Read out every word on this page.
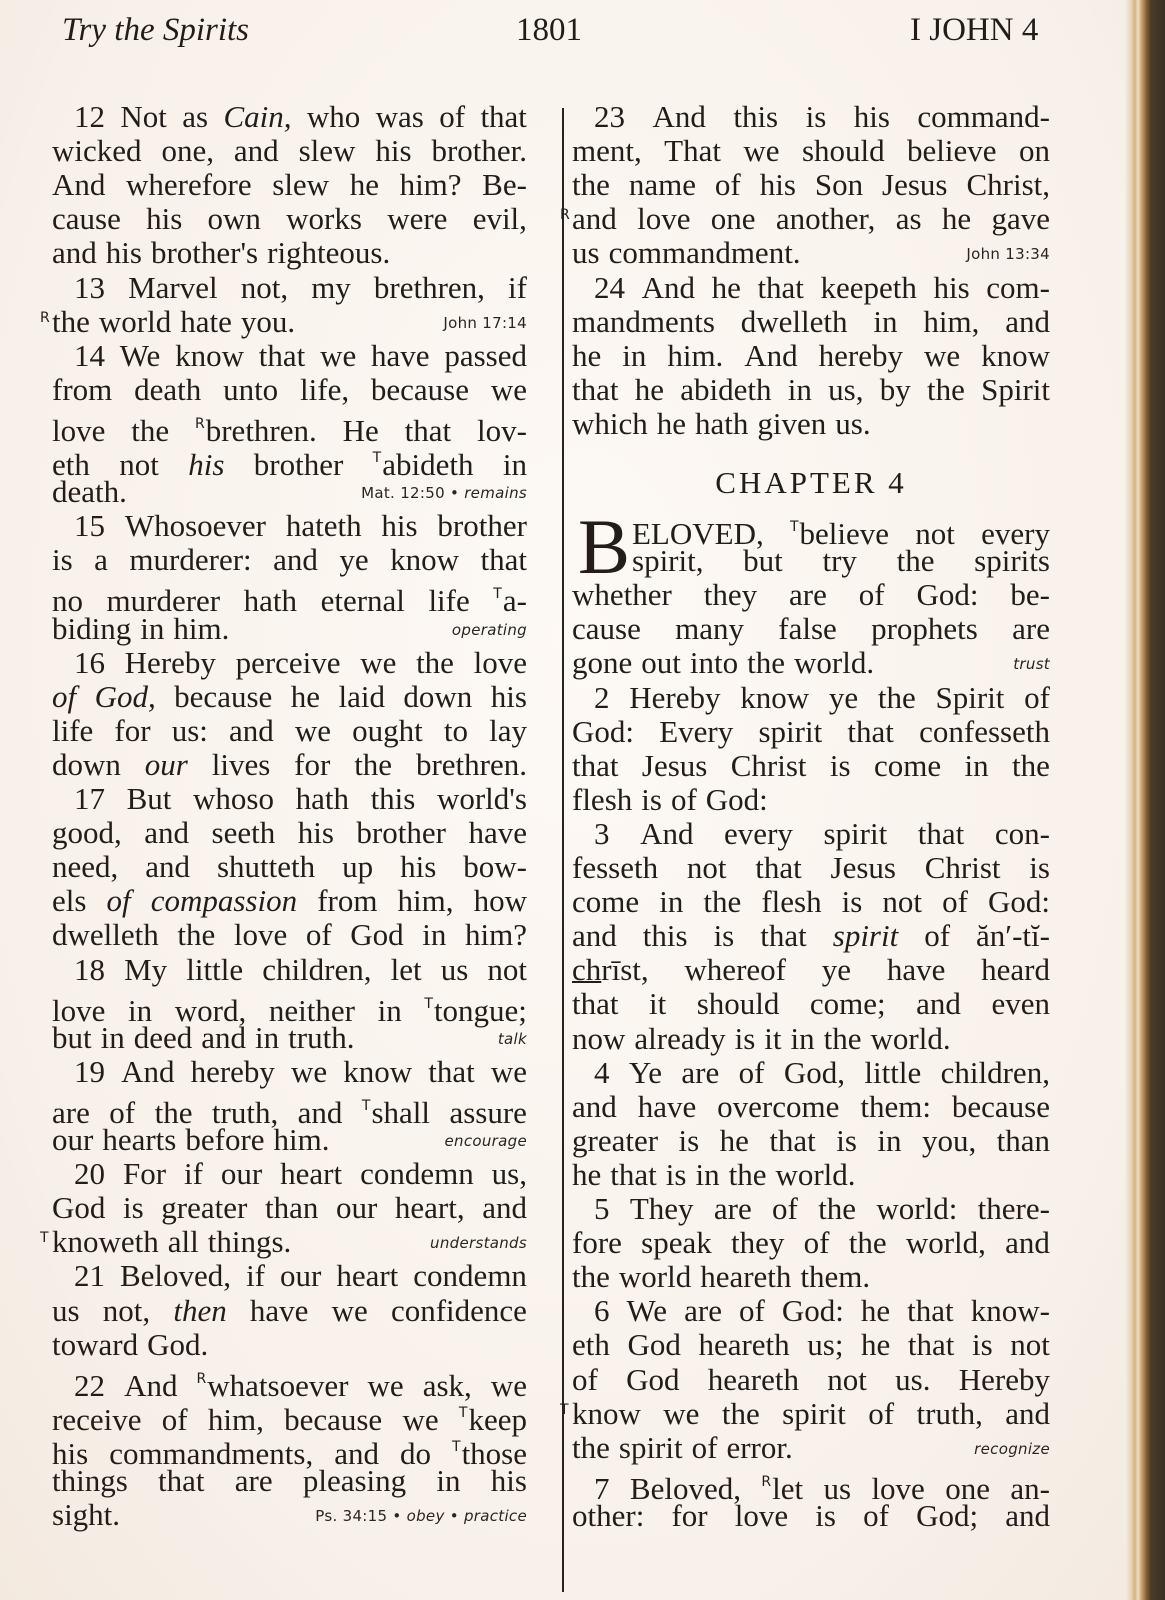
Try the Spirits	1801	I JOHN 4
12 Not as Cain, who was of that
wicked one, and slew his brother.
And wherefore slew he him? Be-
cause his own works were evil,
and his brother's righteous.
13 Marvel not, my brethren, if
the world hate you.
R	John 17:14
14 We know that we have passed
from death unto life, because we
love the $^R$brethren. He that lov-
eth not his brother $^T$abideth in
death.	Mat. 12:50 • remains
15 Whosoever hateth his brother
is a murderer: and ye know that
no murderer hath eternal life $^T$a-
biding in him.	operating
16 Hereby perceive we the love
of God, because he laid down his
life for us: and we ought to lay
down our lives for the brethren.
17 But whoso hath this world's
good, and seeth his brother have
need, and shutteth up his bow-
els of compassion from him, how
dwelleth the love of God in him?
18 My little children, let us not
love in word, neither in $^T$tongue;
but in deed and in truth.	talk
19 And hereby we know that we
are of the truth, and $^T$shall assure
our hearts before him.	encourage
20 For if our heart condemn us,
God is greater than our heart, and
knoweth all things.
T	understands
21 Beloved, if our heart condemn
us not, then have we confidence
toward God.
22 And $^R$whatsoever we ask, we
receive of him, because we $^T$keep
his commandments, and do $^T$those
things that are pleasing in his
sight.	Ps. 34:15 • obey • practice
23 And this is his command-
ment, That we should believe on
the name of his Son Jesus Christ,
and love one another, as he gave
R
us commandment.	John 13:34
24 And he that keepeth his com-
mandments dwelleth in him, and
he in him. And hereby we know
that he abideth in us, by the Spirit
which he hath given us.
CHAPTER 4
B ELOVED, $^T$believe not every
spirit, but try the spirits
whether they are of God: be-
cause many false prophets are
gone out into the world.	trust
2 Hereby know ye the Spirit of
God: Every spirit that confesseth
that Jesus Christ is come in the
flesh is of God:
3 And every spirit that con-
fesseth not that Jesus Christ is
come in the flesh is not of God:
and this is that spirit of ăn′-tĭ-
chrīst, whereof ye have heard
that it should come; and even
now already is it in the world.
4 Ye are of God, little children,
and have overcome them: because
greater is he that is in you, than
he that is in the world.
5 They are of the world: there-
fore speak they of the world, and
the world heareth them.
6 We are of God: he that know-
eth God heareth us; he that is not
of God heareth not us. Hereby
know we the spirit of truth, and
T
the spirit of error.	recognize
7 Beloved, $^R$let us love one an-
other: for love is of God; and
